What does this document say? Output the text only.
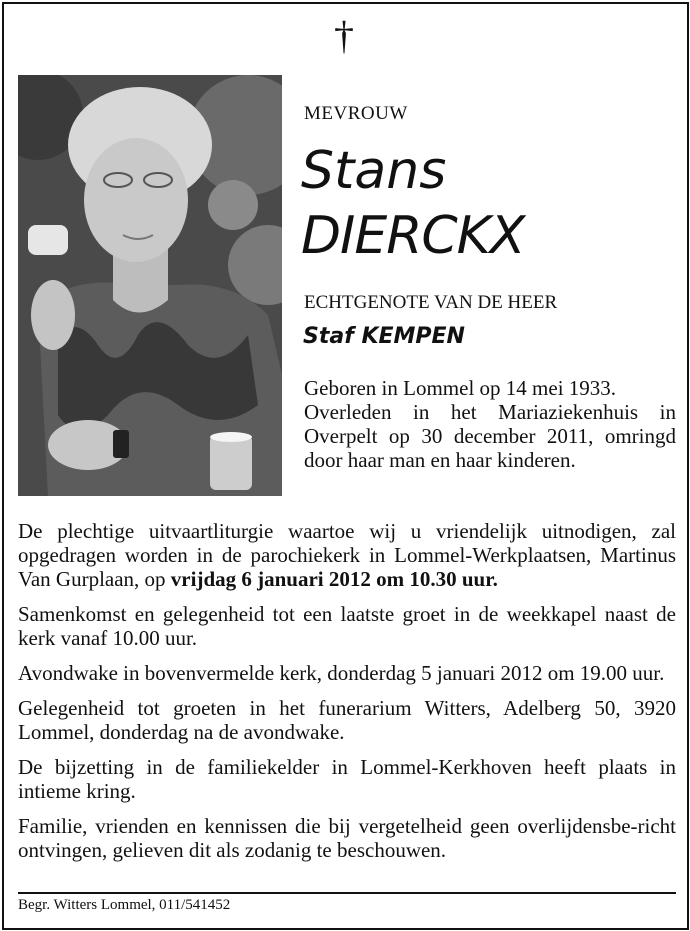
†
MEVROUW
Stans
DIERCKX
ECHTGENOTE VAN DE HEER
Staf KEMPEN

Geboren in Lommel op 14 mei 1933.

Overleden in het Mariaziekenhuis in Overpelt op 30 december 2011, omringd door haar man en haar kinderen.

De plechtige uitvaartliturgie waartoe wij u vriendelijk uitnodigen, zal opgedragen worden in de parochiekerk in Lommel-Werkplaatsen, Martinus Van Gurplaan, op vrijdag 6 januari 2012 om 10.30 uur.

Samenkomst en gelegenheid tot een laatste groet in de weekkapel naast de kerk vanaf 10.00 uur.

Avondwake in bovenvermelde kerk, donderdag 5 januari 2012 om 19.00 uur.

Gelegenheid tot groeten in het funerarium Witters, Adelberg 50, 3920 Lommel, donderdag na de avondwake.

De bijzetting in de familiekelder in Lommel-Kerkhoven heeft plaats in intieme kring.

Familie, vrienden en kennissen die bij vergetelheid geen overlijdensbe-richt ontvingen, gelieven dit als zodanig te beschouwen.

Begr. Witters Lommel, 011/541452
